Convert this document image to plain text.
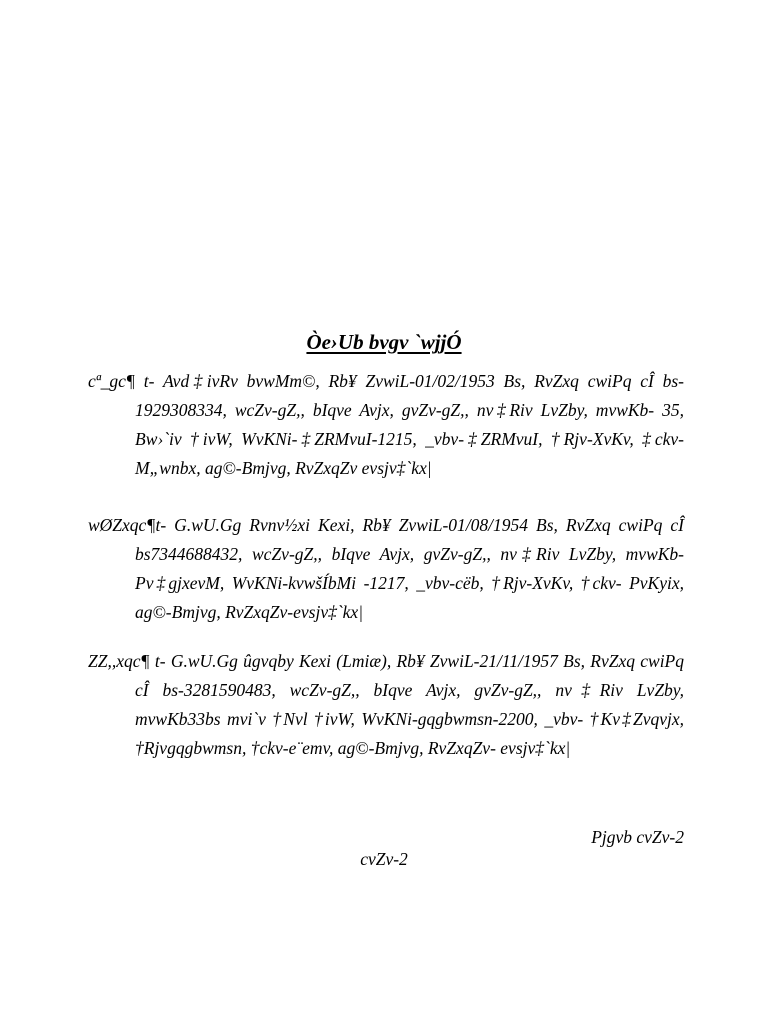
Òe›Ub bvgv `wjjÓ
cª_gc¶ t- Avd‡ivRv bvwMm©, Rb¥ ZvwiL-01/02/1953 Bs, RvZxq cwiPq cÎ bs- 1929308334, wcZv-gZ,, bIqve Avjx, gvZv-gZ,, nv‡Riv LvZby, mvwKb- 35, Bw›`iv †ivW, WvKNi-‡ZRMvuI-1215, _vbv-‡ZRMvuI, †Rjv-XvKv, ‡ckv-M„wnbx, ag©-Bmjvg, RvZxqZv evsjv‡`kx|
wØZxqc¶t- G.wU.Gg Rvnv½xi Kexi, Rb¥ ZvwiL-01/08/1954 Bs, RvZxq cwiPq cÎ bs7344688432, wcZv-gZ,, bIqve Avjx, gvZv-gZ,, nv‡Riv LvZby, mvwKb-Pv‡gjxevM, WvKNi-kvwšÍbMi -1217, _vbv-cëb, †Rjv-XvKv, †ckv- PvKyix, ag©-Bmjvg, RvZxqZv-evsjv‡`kx|
ZZ,,xqc¶ t- G.wU.Gg ûgvqby Kexi (Lmiæ), Rb¥ ZvwiL-21/11/1957 Bs, RvZxq cwiPq cÎ bs-3281590483, wcZv-gZ,, bIqve Avjx, gvZv-gZ,, nv‡Riv LvZby, mvwKb33bs mvi`v †Nvl †ivW, WvKNi-gqgbwmsn-2200, _vbv- †Kv‡Zvqvjx, †Rjvgqgbwmsn, †ckv-e¨emv, ag©-Bmjvg, RvZxqZv- evsjv‡`kx|
Pjgvb cvZv-2
cvZv-2
